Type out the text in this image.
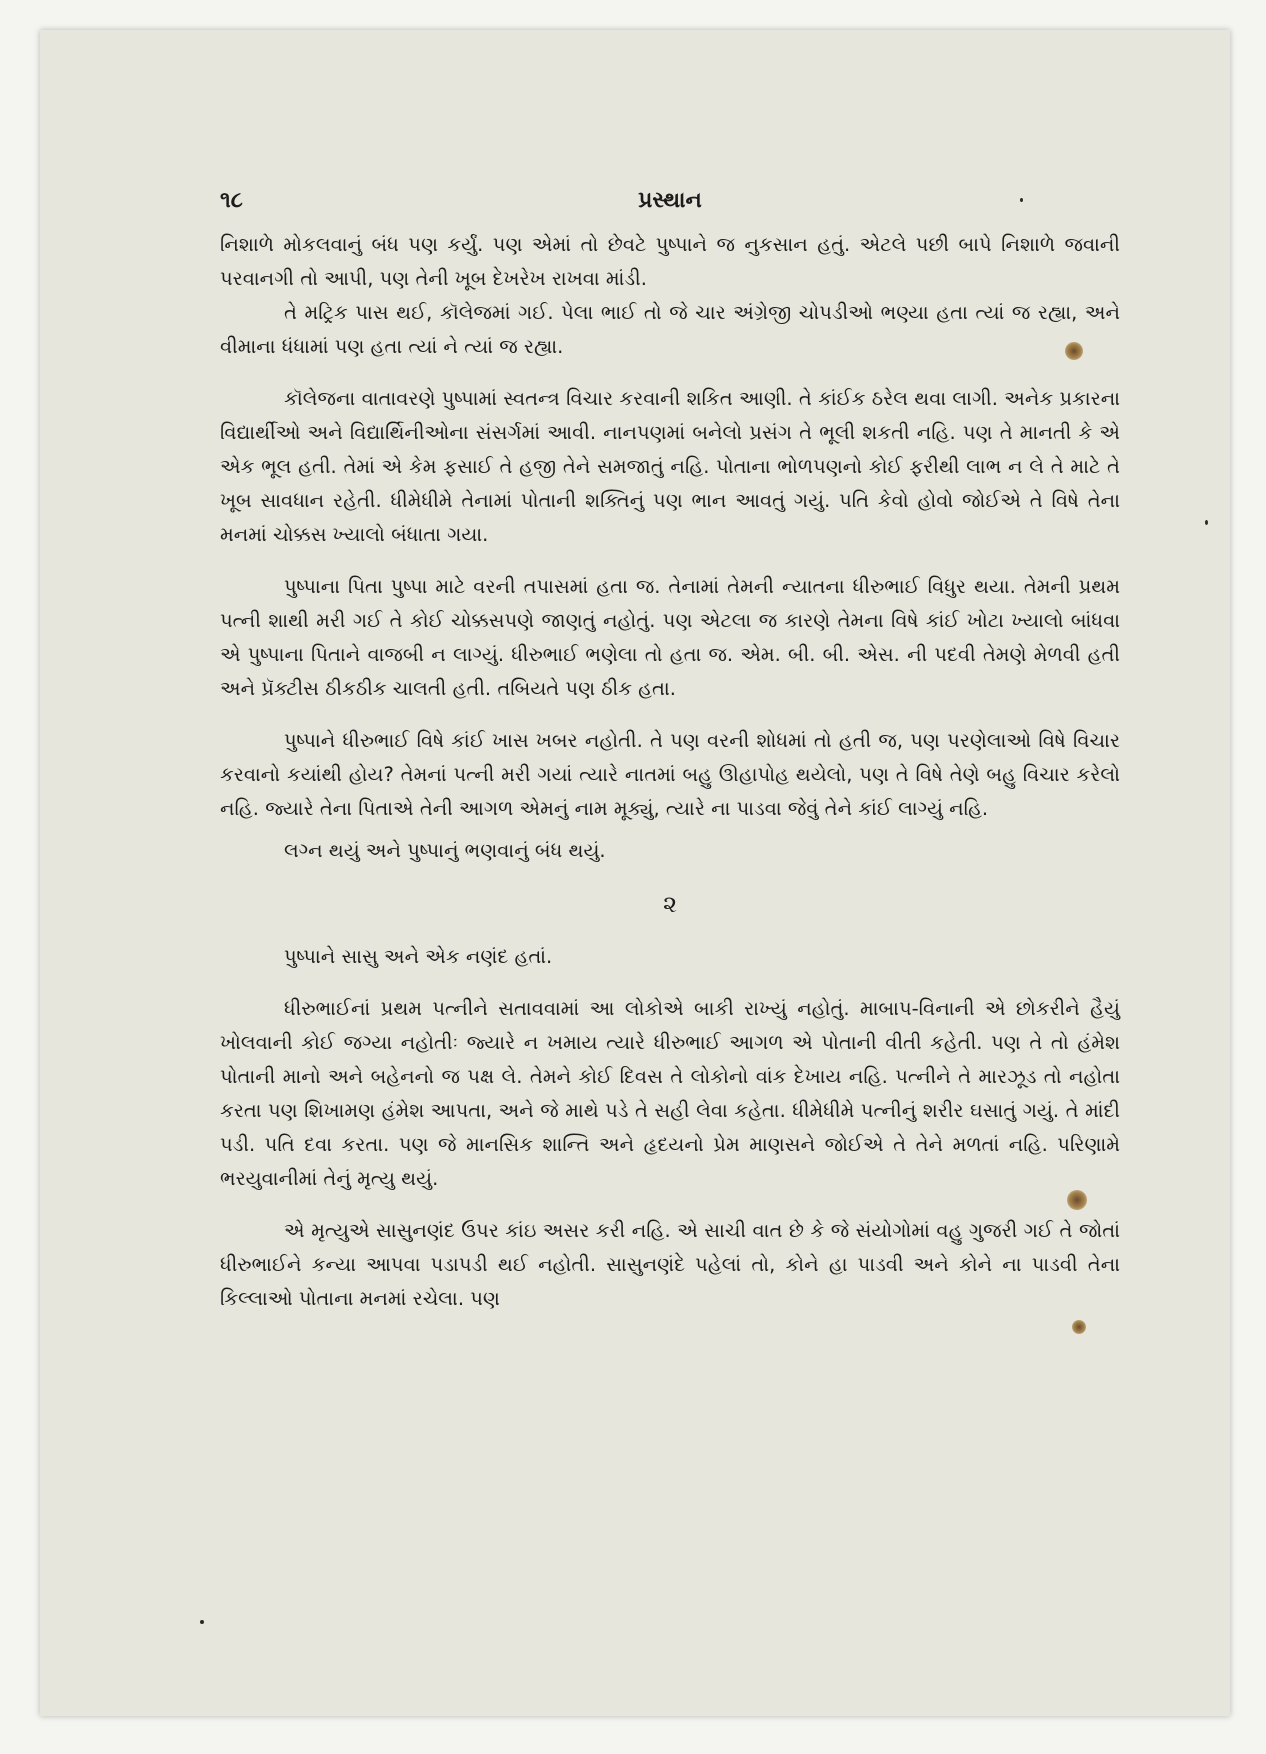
૧૮	પ્રસ્થાન

નિશાળે મોકલવાનું બંધ પણ કર્યું. પણ એમાં તો છેવટે પુષ્પાને જ નુકસાન હતું. એટલે પછી બાપે નિશાળે જવાની પરવાનગી તો આપી, પણ તેની ખૂબ દેખરેખ રાખવા માંડી.

તે મટ્રિક પાસ થઈ, કૉલેજમાં ગઈ. પેલા ભાઈ તો જે ચાર અંગ્રેજી ચોપડીઓ ભણ્યા હતા ત્યાં જ રહ્યા, અને વીમાના ધંધામાં પણ હતા ત્યાં ને ત્યાં જ રહ્યા.

કૉલેજના વાતાવરણે પુષ્પામાં સ્વતન્ત્ર વિચાર કરવાની શકિત આણી. તે કાંઈક ઠરેલ થવા લાગી. અનેક પ્રકારના વિદ્યાર્થીઓ અને વિદ્યાર્થિનીઓના સંસર્ગમાં આવી. નાનપણમાં બનેલો પ્રસંગ તે ભૂલી શકતી નહિ. પણ તે માનતી કે એ એક ભૂલ હતી. તેમાં એ કેમ ફસાઈ તે હજી તેને સમજાતું નહિ. પોતાના ભોળપણનો કોઈ ફરીથી લાભ ન લે તે માટે તે ખૂબ સાવધાન રહેતી. ધીમેધીમે તેનામાં પોતાની શક્તિનું પણ ભાન આવતું ગયું. પતિ કેવો હોવો જોઈએ તે વિષે તેના મનમાં ચોક્કસ ખ્યાલો બંધાતા ગયા.

પુષ્પાના પિતા પુષ્પા માટે વરની તપાસમાં હતા જ. તેનામાં તેમની ન્યાતના ધીરુભાઈ વિધુર થયા. તેમની પ્રથમ પત્ની શાથી મરી ગઈ તે કોઈ ચોક્કસપણે જાણતું નહોતું. પણ એટલા જ કારણે તેમના વિષે કાંઈ ખોટા ખ્યાલો બાંધવા એ પુષ્પાના પિતાને વાજબી ન લાગ્યું. ધીરુભાઈ ભણેલા તો હતા જ. એમ. બી. બી. એસ. ની પદવી તેમણે મેળવી હતી અને પ્રૅક્ટીસ ઠીકઠીક ચાલતી હતી. તબિયતે પણ ઠીક હતા.

પુષ્પાને ધીરુભાઈ વિષે કાંઈ ખાસ ખબર નહોતી. તે પણ વરની શોધમાં તો હતી જ, પણ પરણેલાઓ વિષે વિચાર કરવાનો કયાંથી હોય? તેમનાં પત્ની મરી ગયાં ત્યારે નાતમાં બહુ ઊહાપોહ થયેલો, પણ તે વિષે તેણે બહુ વિચાર કરેલો નહિ. જ્યારે તેના પિતાએ તેની આગળ એમનું નામ મૂક્યું, ત્યારે ના પાડવા જેવું તેને કાંઈ લાગ્યું નહિ.

લગ્ન થયું અને પુષ્પાનું ભણવાનું બંધ થયું.

૨

પુષ્પાને સાસુ અને એક નણંદ હતાં.

ધીરુભાઈનાં પ્રથમ પત્નીને સતાવવામાં આ લોકોએ બાકી રાખ્યું નહોતું. માબાપ-વિનાની એ છોકરીને હૈયું ખોલવાની કોઈ જગ્યા નહોતીઃ જ્યારે ન ખમાય ત્યારે ધીરુભાઈ આગળ એ પોતાની વીતી કહેતી. પણ તે તો હંમેશ પોતાની માનો અને બહેનનો જ પક્ષ લે. તેમને કોઈ દિવસ તે લોકોનો વાંક દેખાય નહિ. પત્નીને તે મારઝૂડ તો નહોતા કરતા પણ શિખામણ હંમેશ આપતા, અને જે માથે પડે તે સહી લેવા કહેતા. ધીમેધીમે પત્નીનું શરીર ઘસાતું ગયું. તે માંદી પડી. પતિ દવા કરતા. પણ જે માનસિક શાન્તિ અને હૃદયનો પ્રેમ માણસને જોઈએ તે તેને મળતાં નહિ. પરિણામે ભરયુવાનીમાં તેનું મૃત્યુ થયું.

એ મૃત્યુએ સાસુનણંદ ઉપર કાંઇ અસર કરી નહિ. એ સાચી વાત છે કે જે સંયોગોમાં વહુ ગુજરી ગઈ તે જોતાં ધીરુભાઈને કન્યા આપવા પડાપડી થઈ નહોતી. સાસુનણંદે પહેલાં તો, કોને હા પાડવી અને કોને ના પાડવી તેના કિલ્લાઓ પોતાના મનમાં રચેલા. પણ
